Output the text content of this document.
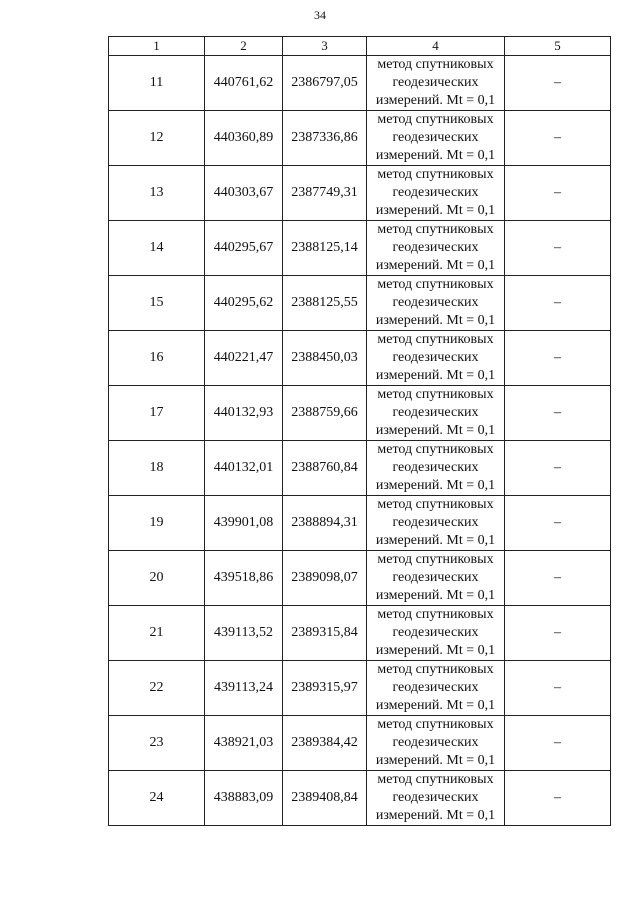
34
1	2	3	4	5
11	440761,62	2386797,05	метод спутниковых
геодезических
измерений. Mt = 0,1	–
12	440360,89	2387336,86	метод спутниковых
геодезических
измерений. Mt = 0,1	–
13	440303,67	2387749,31	метод спутниковых
геодезических
измерений. Mt = 0,1	–
14	440295,67	2388125,14	метод спутниковых
геодезических
измерений. Mt = 0,1	–
15	440295,62	2388125,55	метод спутниковых
геодезических
измерений. Mt = 0,1	–
16	440221,47	2388450,03	метод спутниковых
геодезических
измерений. Mt = 0,1	–
17	440132,93	2388759,66	метод спутниковых
геодезических
измерений. Mt = 0,1	–
18	440132,01	2388760,84	метод спутниковых
геодезических
измерений. Mt = 0,1	–
19	439901,08	2388894,31	метод спутниковых
геодезических
измерений. Mt = 0,1	–
20	439518,86	2389098,07	метод спутниковых
геодезических
измерений. Mt = 0,1	–
21	439113,52	2389315,84	метод спутниковых
геодезических
измерений. Mt = 0,1	–
22	439113,24	2389315,97	метод спутниковых
геодезических
измерений. Mt = 0,1	–
23	438921,03	2389384,42	метод спутниковых
геодезических
измерений. Mt = 0,1	–
24	438883,09	2389408,84	метод спутниковых
геодезических
измерений. Mt = 0,1	–
